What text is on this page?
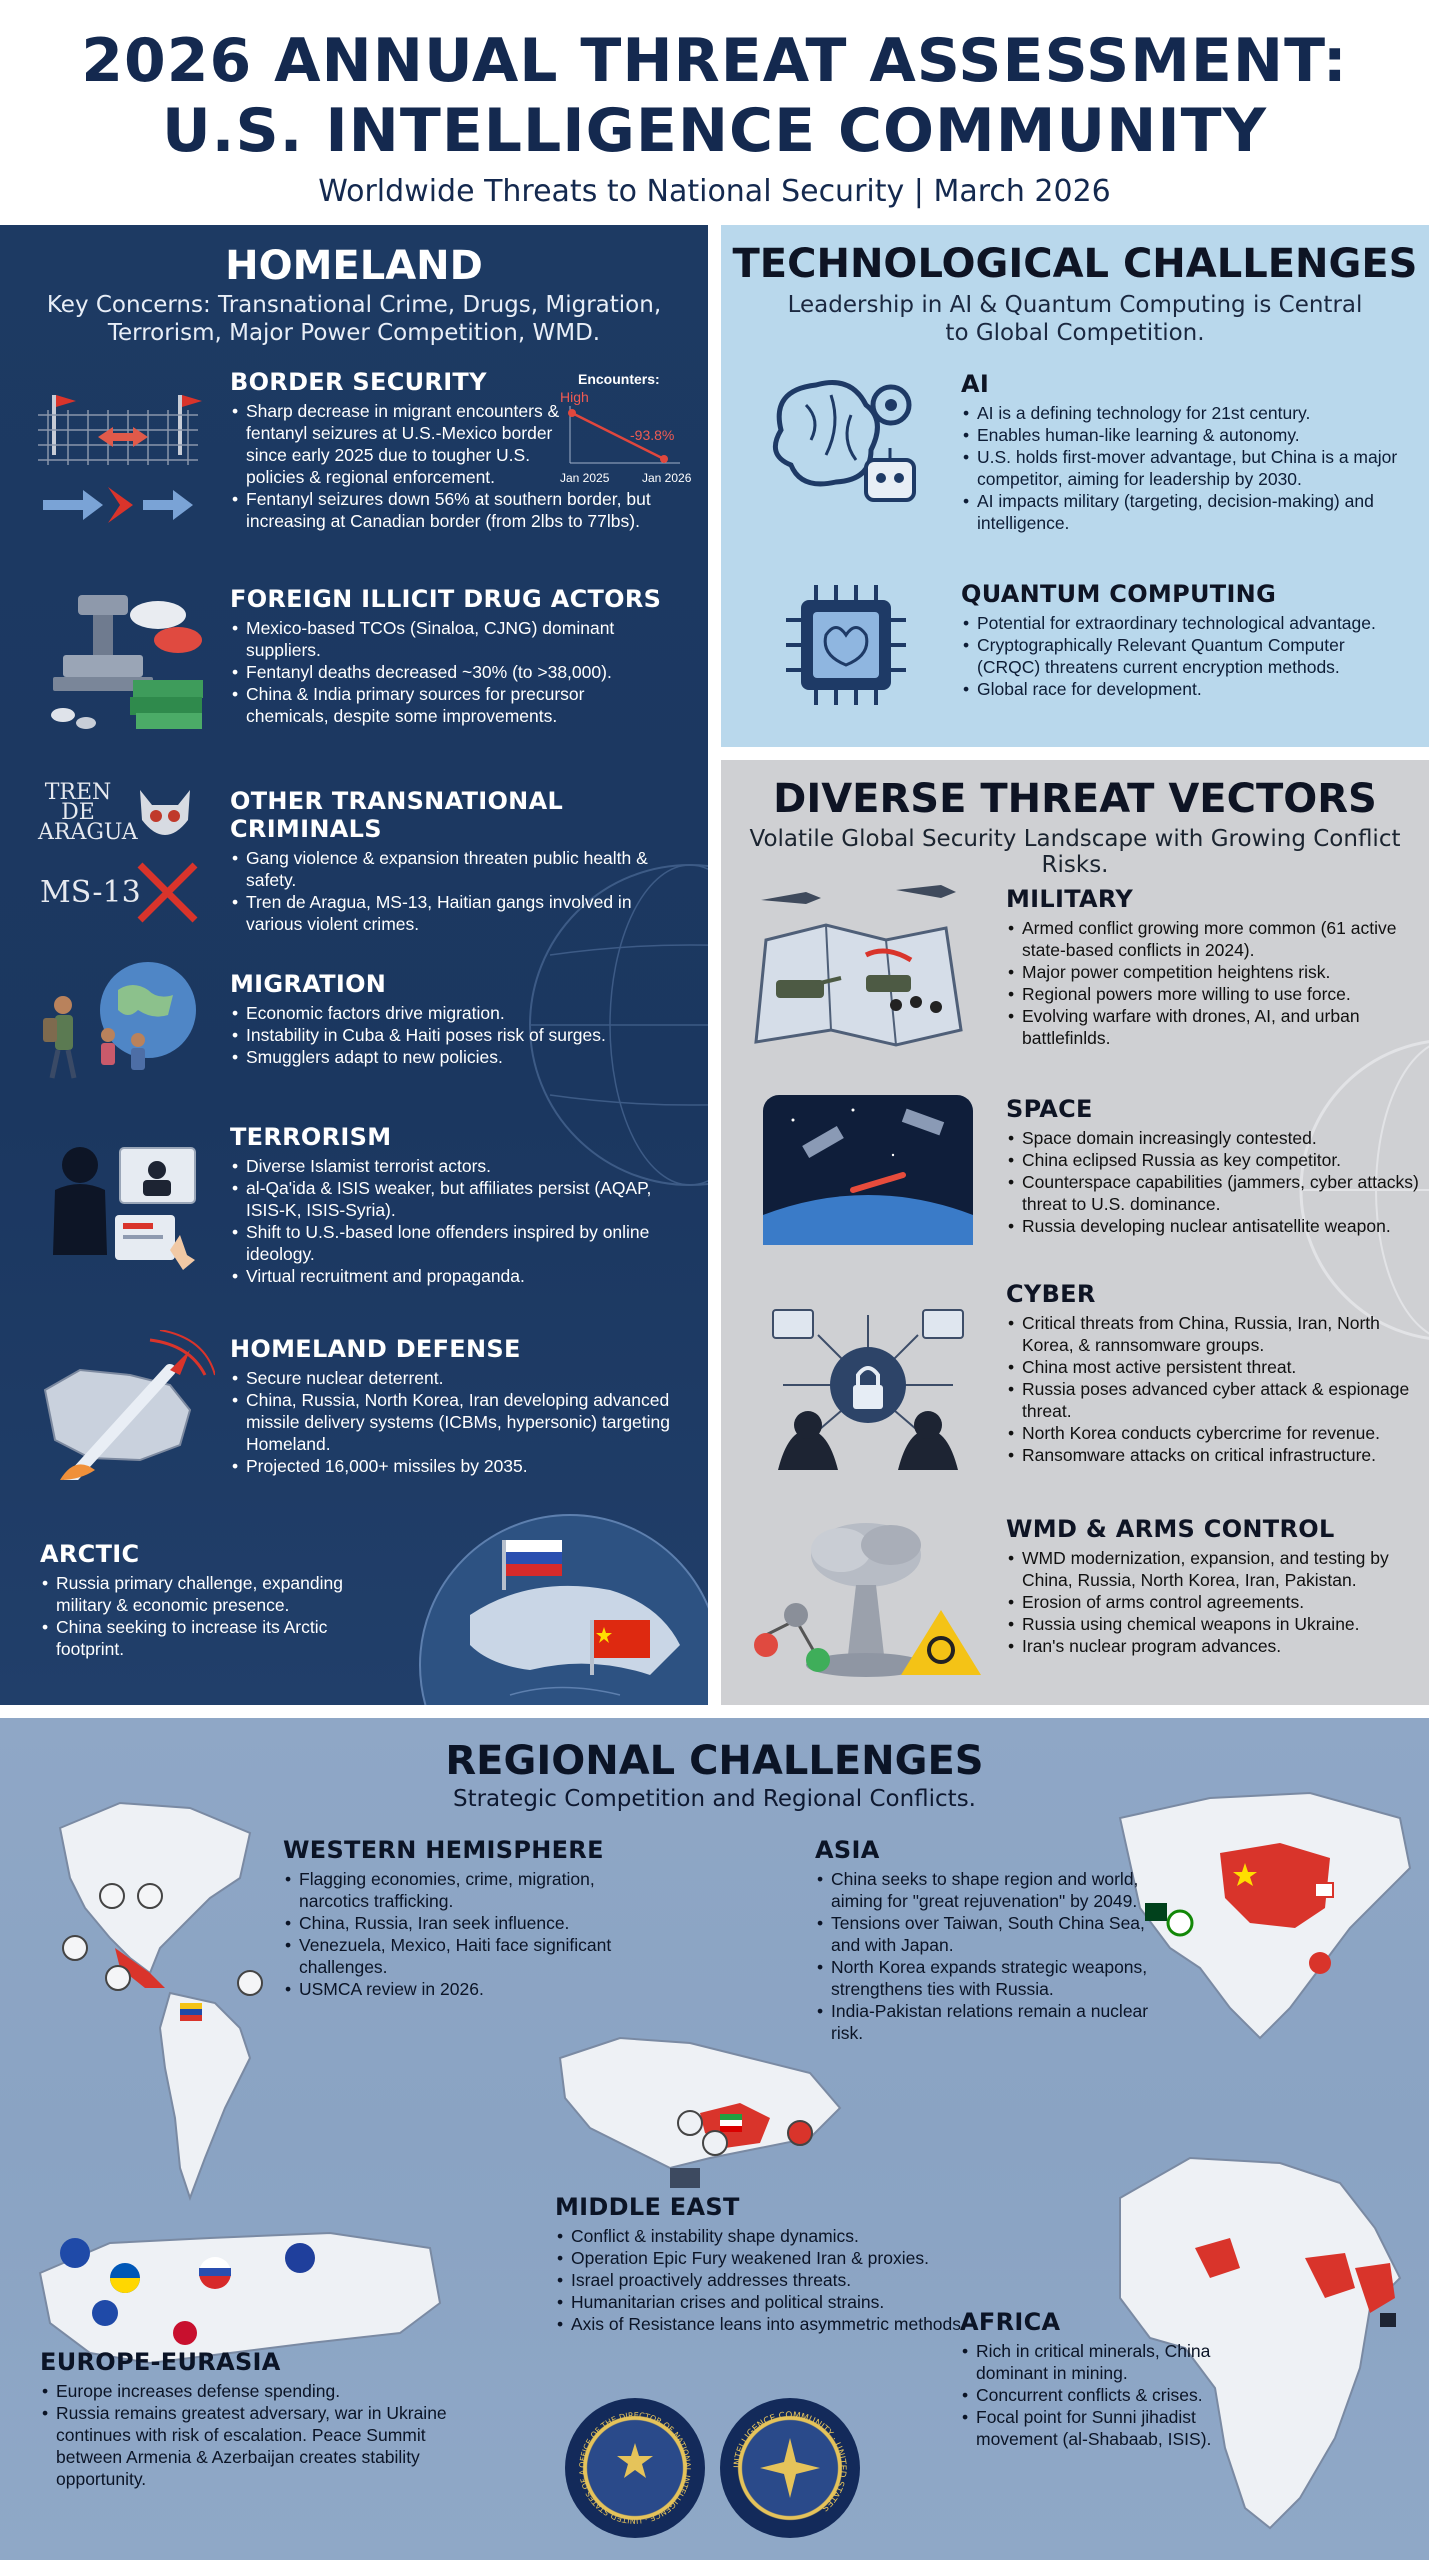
2026 ANNUAL THREAT ASSESSMENT:
U.S. INTELLIGENCE COMMUNITY
Worldwide Threats to National Security | March 2026
HOMELAND
Key Concerns: Transnational Crime, Drugs, Migration,
Terrorism, Major Power Competition, WMD.
BORDER SECURITY
• Sharp decrease in migrant encounters & fentanyl seizures at U.S.-Mexico border since early 2025 due to tougher U.S. policies & regional enforcement.
• Fentanyl seizures down 56% at southern border, but increasing at Canadian border (from 2lbs to 77lbs).
Encounters:
High
-93.8%
Jan 2025	Jan 2026
FOREIGN ILLICIT DRUG ACTORS
• Mexico-based TCOs (Sinaloa, CJNG) dominant suppliers.
• Fentanyl deaths decreased ~30% (to >38,000).
• China & India primary sources for precursor chemicals, despite some improvements.
TREN
DE
ARAGUA
MS-13
OTHER TRANSNATIONAL CRIMINALS
• Gang violence & expansion threaten public health & safety.
• Tren de Aragua, MS-13, Haitian gangs involved in various violent crimes.
MIGRATION
• Economic factors drive migration.
• Instability in Cuba & Haiti poses risk of surges.
• Smugglers adapt to new policies.
TERRORISM
• Diverse Islamist terrorist actors.
• al-Qa'ida & ISIS weaker, but affiliates persist (AQAP, ISIS-K, ISIS-Syria).
• Shift to U.S.-based lone offenders inspired by online ideology.
• Virtual recruitment and propaganda.
HOMELAND DEFENSE
• Secure nuclear deterrent.
• China, Russia, North Korea, Iran developing advanced missile delivery systems (ICBMs, hypersonic) targeting Homeland.
• Projected 16,000+ missiles by 2035.
ARCTIC
• Russia primary challenge, expanding military & economic presence.
• China seeking to increase its Arctic footprint.
TECHNOLOGICAL CHALLENGES
Leadership in AI & Quantum Computing is Central
to Global Competition.
AI
• AI is a defining technology for 21st century.
• Enables human-like learning & autonomy.
• U.S. holds first-mover advantage, but China is a major competitor, aiming for leadership by 2030.
• AI impacts military (targeting, decision-making) and intelligence.
QUANTUM COMPUTING
• Potential for extraordinary technological advantage.
• Cryptographically Relevant Quantum Computer (CRQC) threatens current encryption methods.
• Global race for development.
DIVERSE THREAT VECTORS
Volatile Global Security Landscape with Growing Conflict Risks.
MILITARY
• Armed conflict growing more common (61 active state-based conflicts in 2024).
• Major power competition heightens risk.
• Regional powers more willing to use force.
• Evolving warfare with drones, AI, and urban battlefinlds.
SPACE
• Space domain increasingly contested.
• China eclipsed Russia as key competitor.
• Counterspace capabilities (jammers, cyber attacks) threat to U.S. dominance.
• Russia developing nuclear antisatellite weapon.
CYBER
• Critical threats from China, Russia, Iran, North Korea, & rannsomware groups.
• China most active persistent threat.
• Russia poses advanced cyber attack & espionage threat.
• North Korea conducts cybercrime for revenue.
• Ransomware attacks on critical infrastructure.
WMD & ARMS CONTROL
• WMD modernization, expansion, and testing by China, Russia, North Korea, Iran, Pakistan.
• Erosion of arms control agreements.
• Russia using chemical weapons in Ukraine.
• Iran's nuclear program advances.
REGIONAL CHALLENGES
Strategic Competition and Regional Conflicts.
WESTERN HEMISPHERE
• Flagging economies, crime, migration, narcotics trafficking.
• China, Russia, Iran seek influence.
• Venezuela, Mexico, Haiti face significant challenges.
• USMCA review in 2026.
ASIA
• China seeks to shape region and world, aiming for "great rejuvenation" by 2049.
• Tensions over Taiwan, South China Sea, and with Japan.
• North Korea expands strategic weapons, strengthens ties with Russia.
• India-Pakistan relations remain a nuclear risk.
MIDDLE EAST
• Conflict & instability shape dynamics.
• Operation Epic Fury weakened Iran & proxies.
• Israel proactively addresses threats.
• Humanitarian crises and political strains.
• Axis of Resistance leans into asymmetric methods.
EUROPE-EURASIA
• Europe increases defense spending.
• Russia remains greatest adversary, war in Ukraine continues with risk of escalation. Peace Summit between Armenia & Azerbaijan creates stability opportunity.
AFRICA
• Rich in critical minerals, China dominant in mining.
• Concurrent conflicts & crises.
• Focal point for Sunni jihadist movement (al-Shabaab, ISIS).
OFFICE OF THE DIRECTOR OF NATIONAL INTELLIGENCE · UNITED STATES OF A
INTELLIGENCE COMMUNITY · UNITED STATES
